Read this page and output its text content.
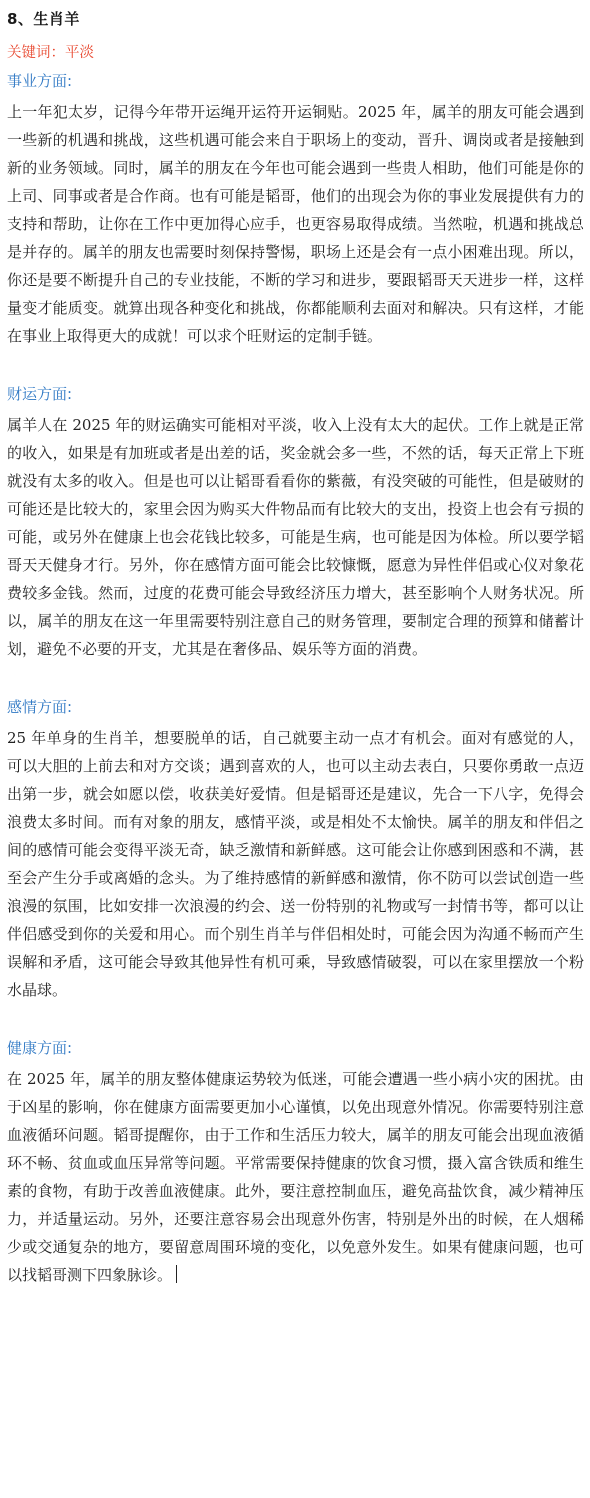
8、生肖羊
关键词：平淡
事业方面:

上一年犯太岁，记得今年带开运绳开运符开运铜贴。2025 年，属羊的朋友可能会遇到一些新的机遇和挑战，这些机遇可能会来自于职场上的变动，晋升、调岗或者是接触到新的业务领域。同时，属羊的朋友在今年也可能会遇到一些贵人相助，他们可能是你的上司、同事或者是合作商。也有可能是韬哥，他们的出现会为你的事业发展提供有力的支持和帮助，让你在工作中更加得心应手，也更容易取得成绩。当然啦，机遇和挑战总是并存的。属羊的朋友也需要时刻保持警惕，职场上还是会有一点小困难出现。所以，你还是要不断提升自己的专业技能，不断的学习和进步，要跟韬哥天天进步一样，这样量变才能质变。就算出现各种变化和挑战，你都能顺利去面对和解决。只有这样，才能在事业上取得更大的成就！可以求个旺财运的定制手链。

财运方面:

属羊人在 2025 年的财运确实可能相对平淡，收入上没有太大的起伏。工作上就是正常的收入，如果是有加班或者是出差的话，奖金就会多一些，不然的话，每天正常上下班就没有太多的收入。但是也可以让韬哥看看你的紫薇，有没突破的可能性，但是破财的可能还是比较大的，家里会因为购买大件物品而有比较大的支出，投资上也会有亏损的可能，或另外在健康上也会花钱比较多，可能是生病，也可能是因为体检。所以要学韬哥天天健身才行。另外，你在感情方面可能会比较慷慨，愿意为异性伴侣或心仪对象花费较多金钱。然而，过度的花费可能会导致经济压力增大，甚至影响个人财务状况。所以，属羊的朋友在这一年里需要特别注意自己的财务管理，要制定合理的预算和储蓄计划，避免不必要的开支，尤其是在奢侈品、娱乐等方面的消费。

感情方面:

25 年单身的生肖羊，想要脱单的话，自己就要主动一点才有机会。面对有感觉的人，可以大胆的上前去和对方交谈；遇到喜欢的人，也可以主动去表白，只要你勇敢一点迈出第一步，就会如愿以偿，收获美好爱情。但是韬哥还是建议，先合一下八字，免得会浪费太多时间。而有对象的朋友，感情平淡，或是相处不太愉快。属羊的朋友和伴侣之间的感情可能会变得平淡无奇，缺乏激情和新鲜感。这可能会让你感到困惑和不满，甚至会产生分手或离婚的念头。为了维持感情的新鲜感和激情，你不防可以尝试创造一些浪漫的氛围，比如安排一次浪漫的约会、送一份特别的礼物或写一封情书等，都可以让伴侣感受到你的关爱和用心。而个别生肖羊与伴侣相处时，可能会因为沟通不畅而产生误解和矛盾，这可能会导致其他异性有机可乘，导致感情破裂，可以在家里摆放一个粉水晶球。

健康方面:

在 2025 年，属羊的朋友整体健康运势较为低迷，可能会遭遇一些小病小灾的困扰。由于凶星的影响，你在健康方面需要更加小心谨慎，以免出现意外情况。你需要特别注意血液循环问题。韬哥提醒你，由于工作和生活压力较大，属羊的朋友可能会出现血液循环不畅、贫血或血压异常等问题。平常需要保持健康的饮食习惯，摄入富含铁质和维生素的食物，有助于改善血液健康。此外，要注意控制血压，避免高盐饮食，减少精神压力，并适量运动。另外，还要注意容易会出现意外伤害，特别是外出的时候，在人烟稀少或交通复杂的地方，要留意周围环境的变化，以免意外发生。如果有健康问题，也可以找韬哥测下四象脉诊。
